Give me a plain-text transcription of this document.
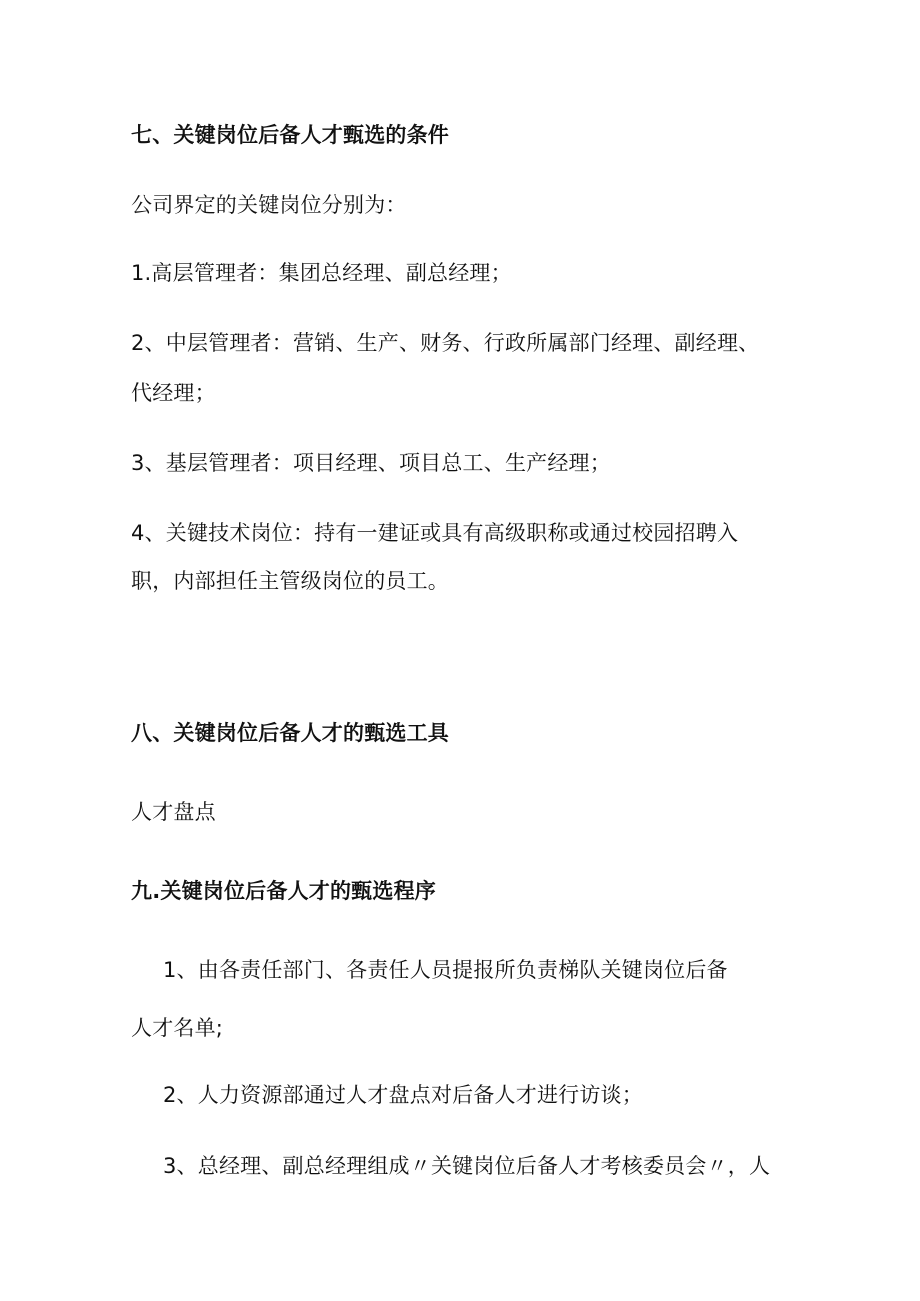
七、关键岗位后备人才甄选的条件
公司界定的关键岗位分别为：
1.高层管理者：集团总经理、副总经理；
2、中层管理者：营销、生产、财务、行政所属部门经理、副经理、
代经理；
3、基层管理者：项目经理、项目总工、生产经理；
4、关键技术岗位：持有一建证或具有高级职称或通过校园招聘入
职，内部担任主管级岗位的员工。
八、关键岗位后备人才的甄选工具
人才盘点
九.关键岗位后备人才的甄选程序
1、由各责任部门、各责任人员提报所负责梯队关键岗位后备
人才名单;
2、人力资源部通过人才盘点对后备人才进行访谈；
3、总经理、副总经理组成〃关键岗位后备人才考核委员会〃，人
